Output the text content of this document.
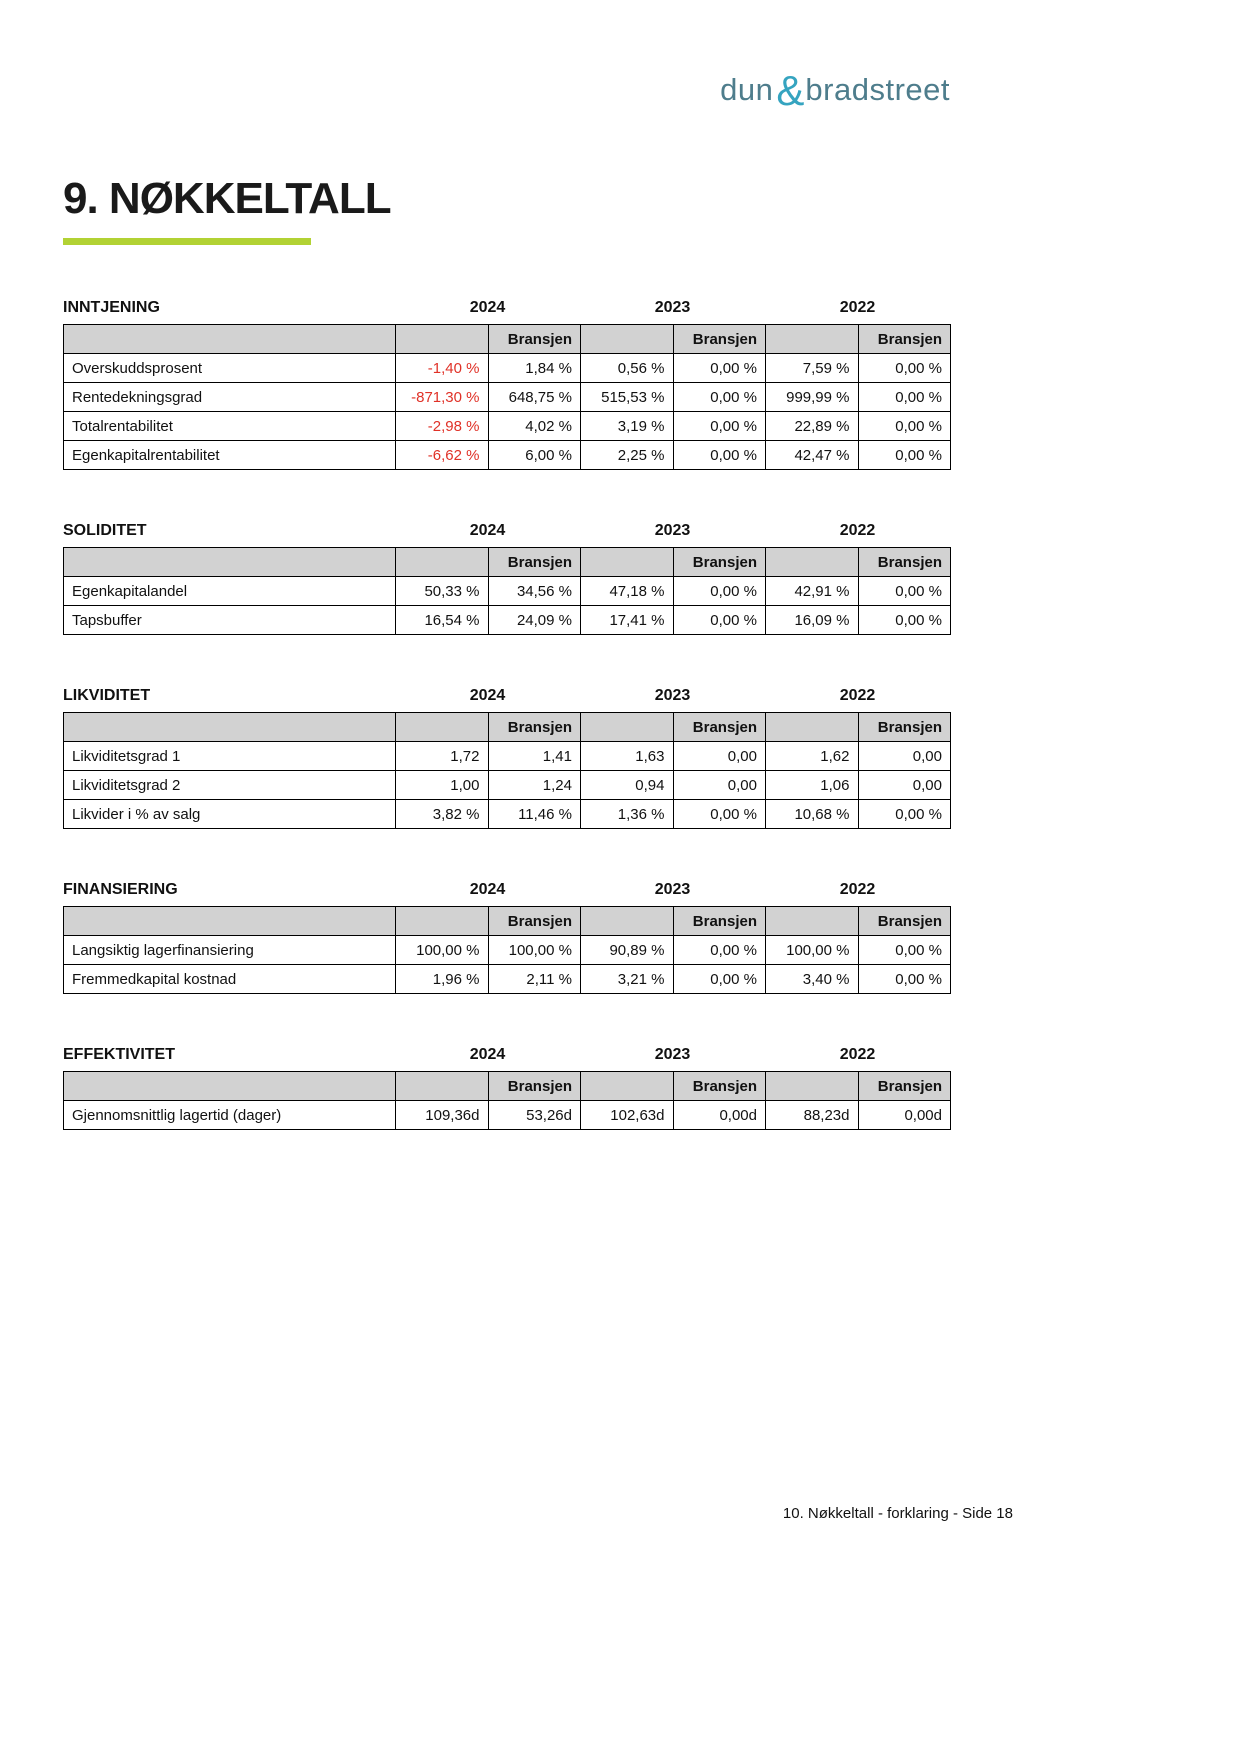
dun&bradstreet
9. NØKKELTALL
INNTJENING	2024	2023	2022
		Bransjen		Bransjen		Bransjen
Overskuddsprosent	-1,40 %	1,84 %	0,56 %	0,00 %	7,59 %	0,00 %
Rentedekningsgrad	-871,30 %	648,75 %	515,53 %	0,00 %	999,99 %	0,00 %
Totalrentabilitet	-2,98 %	4,02 %	3,19 %	0,00 %	22,89 %	0,00 %
Egenkapitalrentabilitet	-6,62 %	6,00 %	2,25 %	0,00 %	42,47 %	0,00 %
SOLIDITET	2024	2023	2022
		Bransjen		Bransjen		Bransjen
Egenkapitalandel	50,33 %	34,56 %	47,18 %	0,00 %	42,91 %	0,00 %
Tapsbuffer	16,54 %	24,09 %	17,41 %	0,00 %	16,09 %	0,00 %
LIKVIDITET	2024	2023	2022
		Bransjen		Bransjen		Bransjen
Likviditetsgrad 1	1,72	1,41	1,63	0,00	1,62	0,00
Likviditetsgrad 2	1,00	1,24	0,94	0,00	1,06	0,00
Likvider i % av salg	3,82 %	11,46 %	1,36 %	0,00 %	10,68 %	0,00 %
FINANSIERING	2024	2023	2022
		Bransjen		Bransjen		Bransjen
Langsiktig lagerfinansiering	100,00 %	100,00 %	90,89 %	0,00 %	100,00 %	0,00 %
Fremmedkapital kostnad	1,96 %	2,11 %	3,21 %	0,00 %	3,40 %	0,00 %
EFFEKTIVITET	2024	2023	2022
		Bransjen		Bransjen		Bransjen
Gjennomsnittlig lagertid (dager)	109,36d	53,26d	102,63d	0,00d	88,23d	0,00d
10. Nøkkeltall - forklaring - Side 18
